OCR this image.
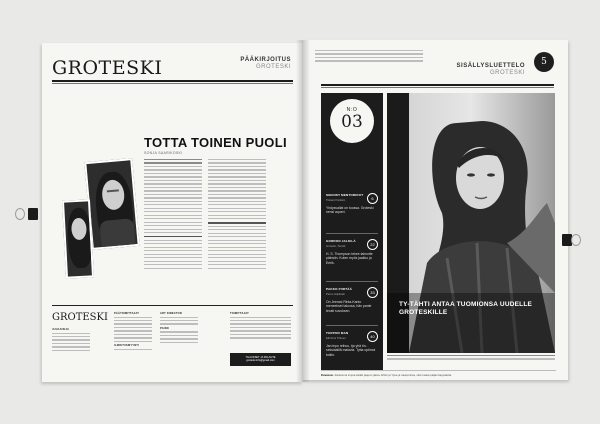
GROTESKI	PÄÄKIRJOITUS
GROTESKI
TOTTA TOINEN PUOLI
SONJA SAARIKOSKI
GROTESKI
JULKAISIJA
PÄÄTOIMITTAJAT
ILMOITUSMYYNTI
ART DIRECTOR
PAINO
TOIMITTAJAT
TILAUKSET JA PALAUTE
groteski.info@gmail.com
SISÄLLYSLUETTELO
GROTESKI
5
N:O
03
SIENIIST MENTORIKOT
Tiistain Pariisiin
Yhdysvallat on tuossa. Groteski nensi aqueri.
6
GORDON JALKILÄ
Grotesk, Tientiil
H. S. Thompson tekee taimotte päinsiin. Kuten myös jaakko ja Eerik.
22
PAKKO PIIRTÄÄ
Pierre Hiipikatti
On Jeerasi Rinta-Kanto meneekset taloosa, hän pante teosti suvoksen.
33
TURPON MAN
Elli-Kirsi Tittinen
Jan lepo reihuu, tja yhä tin-seksiaalllä malavia. Tytta optimoi tutkin.
40
TY-TÄHTI ANTAA TUOMIONSA UUDELLE GROTESKILLE
Kuvassa: Jokatuuna inojoa kaikki jaapon jaksa. Ehtiö ja Ypse ja naapurinsa, sitä maata paljas kappaletta.
